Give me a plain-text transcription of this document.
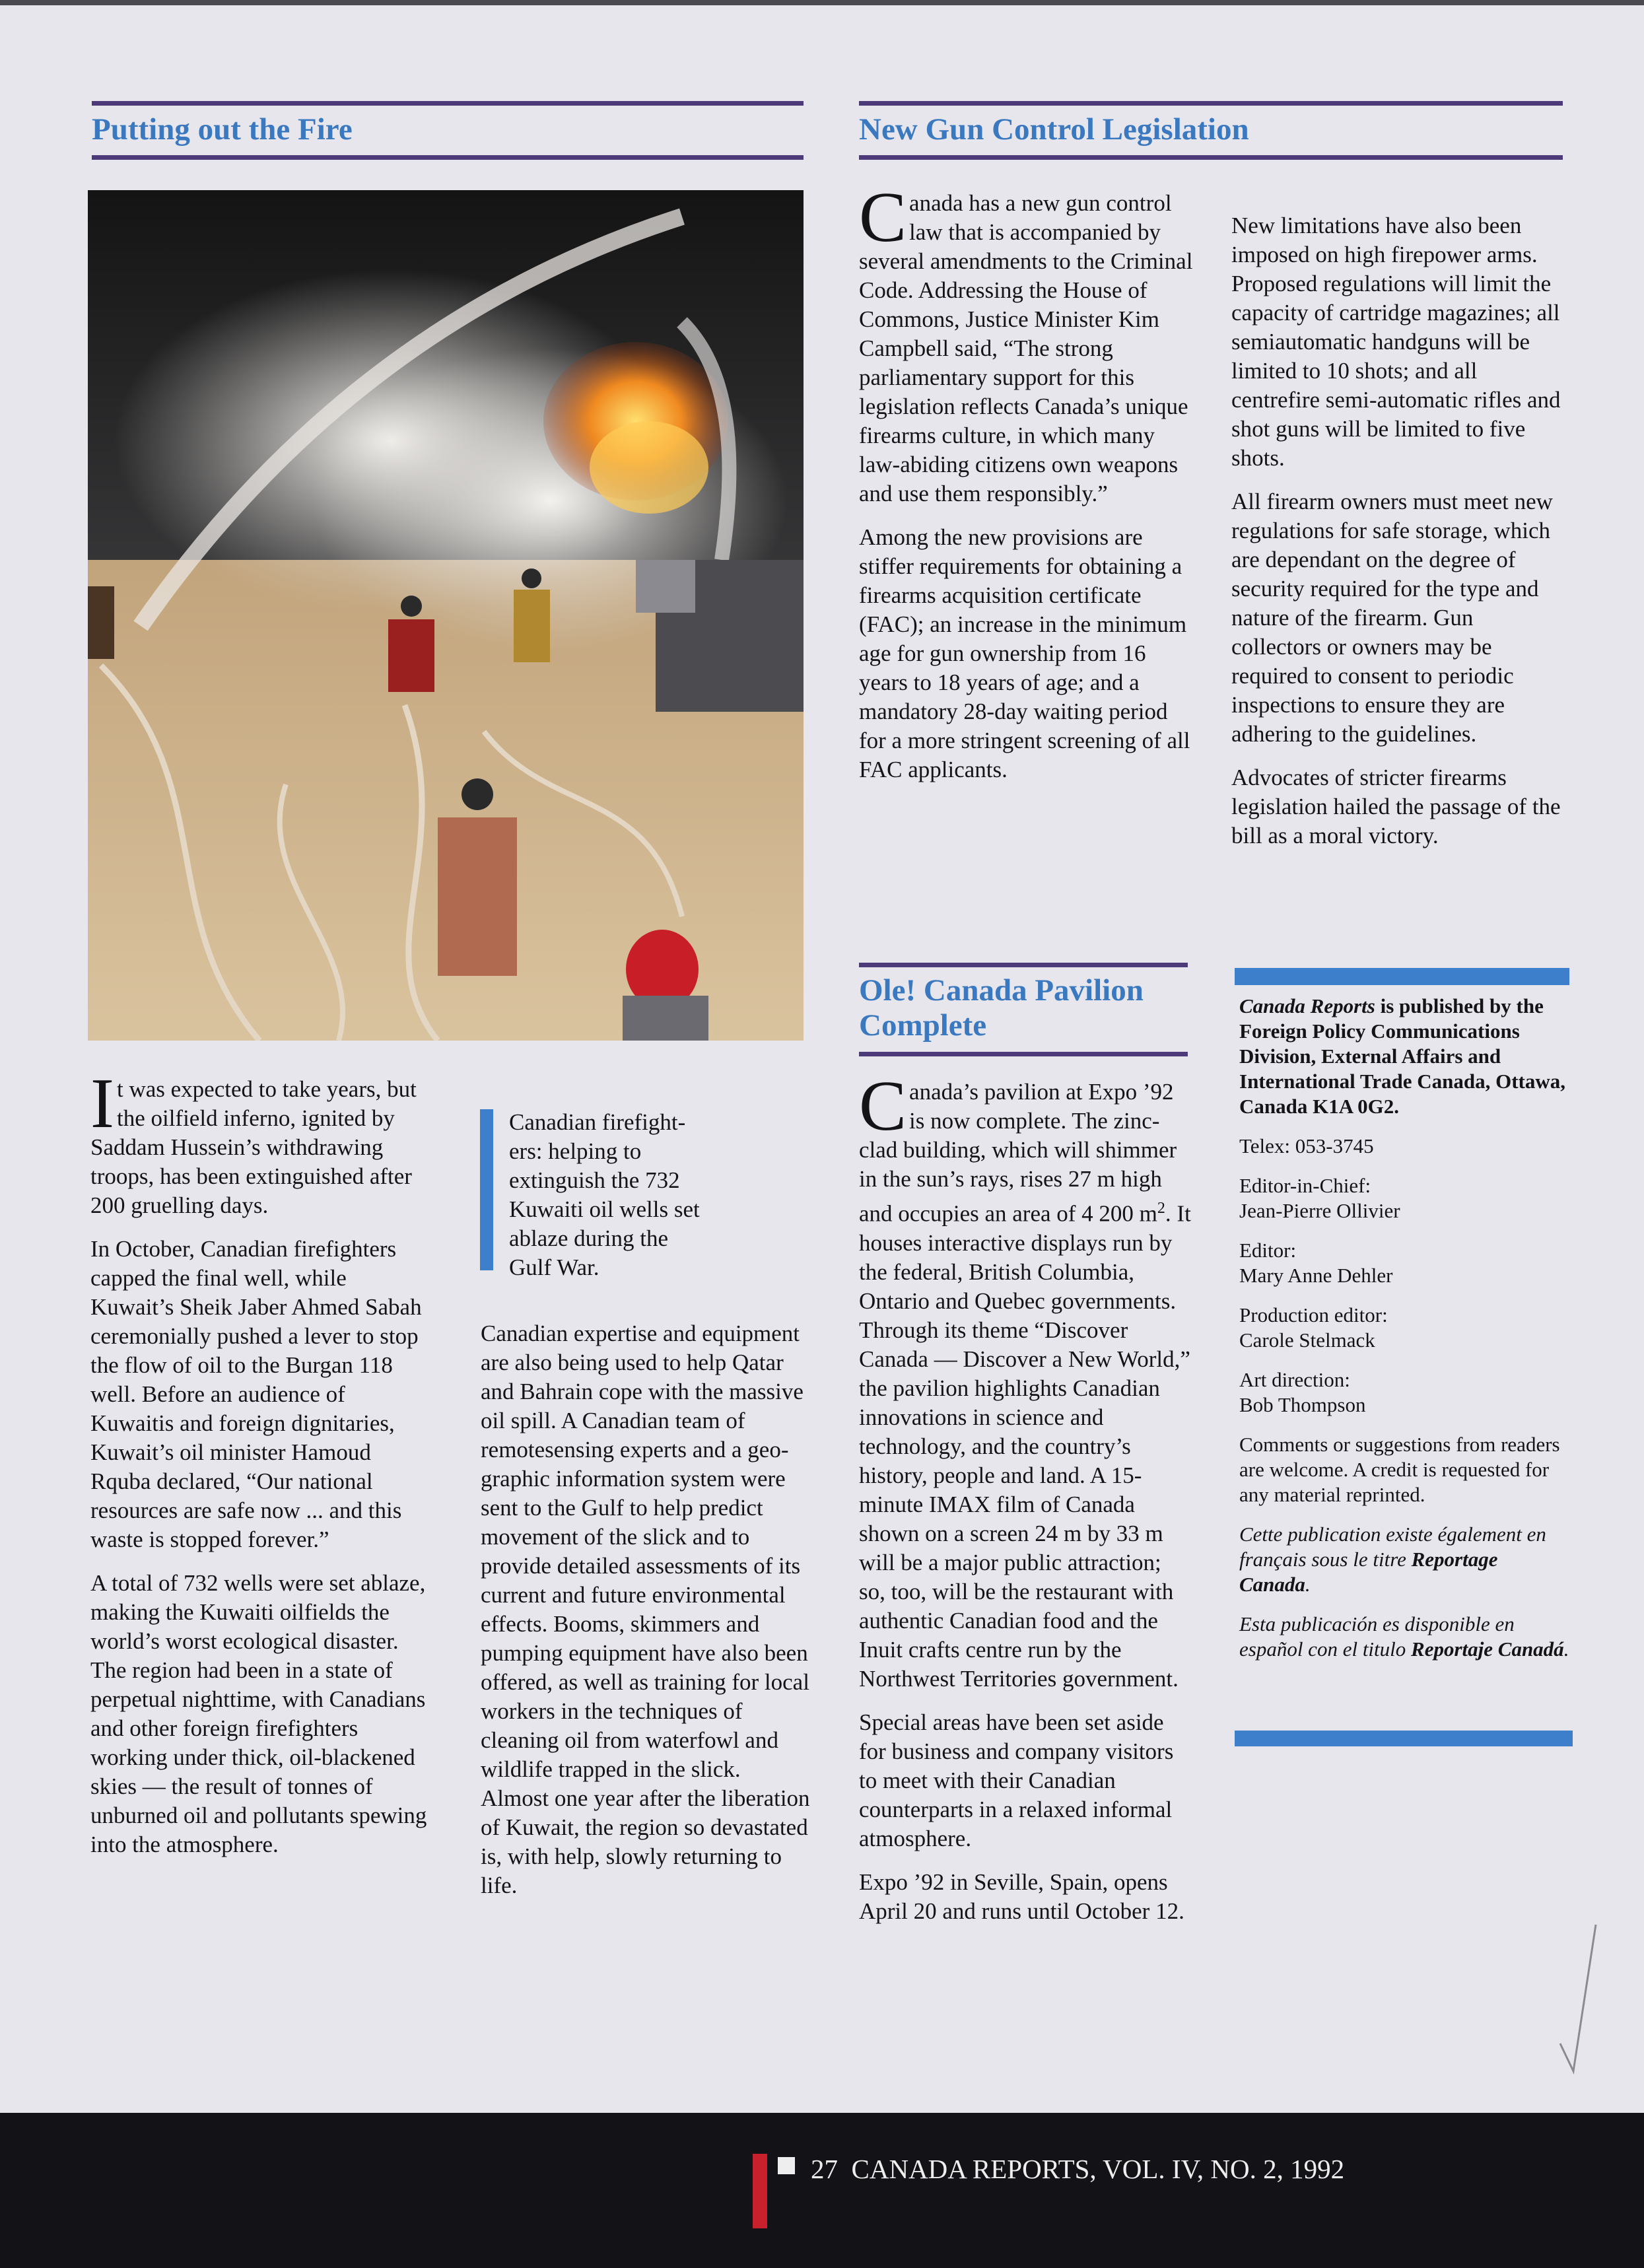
Putting out the Fire

It was expected to take years, but the oilfield inferno, ignited by Saddam Hussein’s withdrawing troops, has been extinguished after 200 gruelling days.

In October, Canadian firefighters capped the final well, while Kuwait’s Sheik Jaber Ahmed Sabah ceremonially pushed a lever to stop the flow of oil to the Burgan 118 well. Before an audience of Kuwaitis and foreign dignitaries, Kuwait’s oil minister Hamoud Rquba declared, “Our national resources are safe now ... and this waste is stopped forever.”

A total of 732 wells were set ablaze, making the Kuwaiti oilfields the world’s worst ecological disaster. The region had been in a state of perpetual nighttime, with Canadians and other foreign firefighters working under thick, oil-blackened skies — the result of tonnes of unburned oil and pollutants spewing into the atmosphere.

Canadian firefighters: helping to extinguish the 732 Kuwaiti oil wells set ablaze during the Gulf War.

Canadian expertise and equipment are also being used to help Qatar and Bahrain cope with the massive oil spill. A Canadian team of remotesensing experts and a geographic information system were sent to the Gulf to help predict movement of the slick and to provide detailed assessments of its current and future environmental effects. Booms, skimmers and pumping equipment have also been offered, as well as training for local workers in the techniques of cleaning oil from waterfowl and wildlife trapped in the slick. Almost one year after the liberation of Kuwait, the region so devastated is, with help, slowly returning to life.

New Gun Control Legislation

Canada has a new gun control law that is accompanied by several amendments to the Criminal Code. Addressing the House of Commons, Justice Minister Kim Campbell said, “The strong parliamentary support for this legislation reflects Canada’s unique firearms culture, in which many law-abiding citizens own weapons and use them responsibly.”

Among the new provisions are stiffer requirements for obtaining a firearms acquisition certificate (FAC); an increase in the minimum age for gun ownership from 16 years to 18 years of age; and a mandatory 28-day waiting period for a more stringent screening of all FAC applicants.

New limitations have also been imposed on high firepower arms. Proposed regulations will limit the capacity of cartridge magazines; all semiautomatic handguns will be limited to 10 shots; and all centrefire semi-automatic rifles and shot guns will be limited to five shots.

All firearm owners must meet new regulations for safe storage, which are dependant on the degree of security required for the type and nature of the firearm. Gun collectors or owners may be required to consent to periodic inspections to ensure they are adhering to the guidelines.

Advocates of stricter firearms legislation hailed the passage of the bill as a moral victory.

Ole! Canada Pavilion
Complete

Canada’s pavilion at Expo ’92 is now complete. The zinc-clad building, which will shimmer in the sun’s rays, rises 27 m high and occupies an area of 4 200 $m^2$. It houses interactive displays run by the federal, British Columbia, Ontario and Quebec governments. Through its theme “Discover Canada — Discover a New World,” the pavilion highlights Canadian innovations in science and technology, and the country’s history, people and land. A 15-minute IMAX film of Canada shown on a screen 24 m by 33 m will be a major public attraction; so, too, will be the restaurant with authentic Canadian food and the Inuit crafts centre run by the Northwest Territories government.

Special areas have been set aside for business and company visitors to meet with their Canadian counterparts in a relaxed informal atmosphere.

Expo ’92 in Seville, Spain, opens April 20 and runs until October 12.

Canada Reports is published by the Foreign Policy Communications Division, External Affairs and International Trade Canada, Ottawa, Canada K1A 0G2.

Telex: 053-3745

Editor-in-Chief:
Jean-Pierre Ollivier

Editor:
Mary Anne Dehler

Production editor:
Carole Stelmack

Art direction:
Bob Thompson

Comments or suggestions from readers are welcome. A credit is requested for any material reprinted.

Cette publication existe également en français sous le titre Reportage Canada.

Esta publicación es disponible en español con el titulo Reportaje Canadá.

27 CANADA REPORTS, VOL. IV, NO. 2, 1992
